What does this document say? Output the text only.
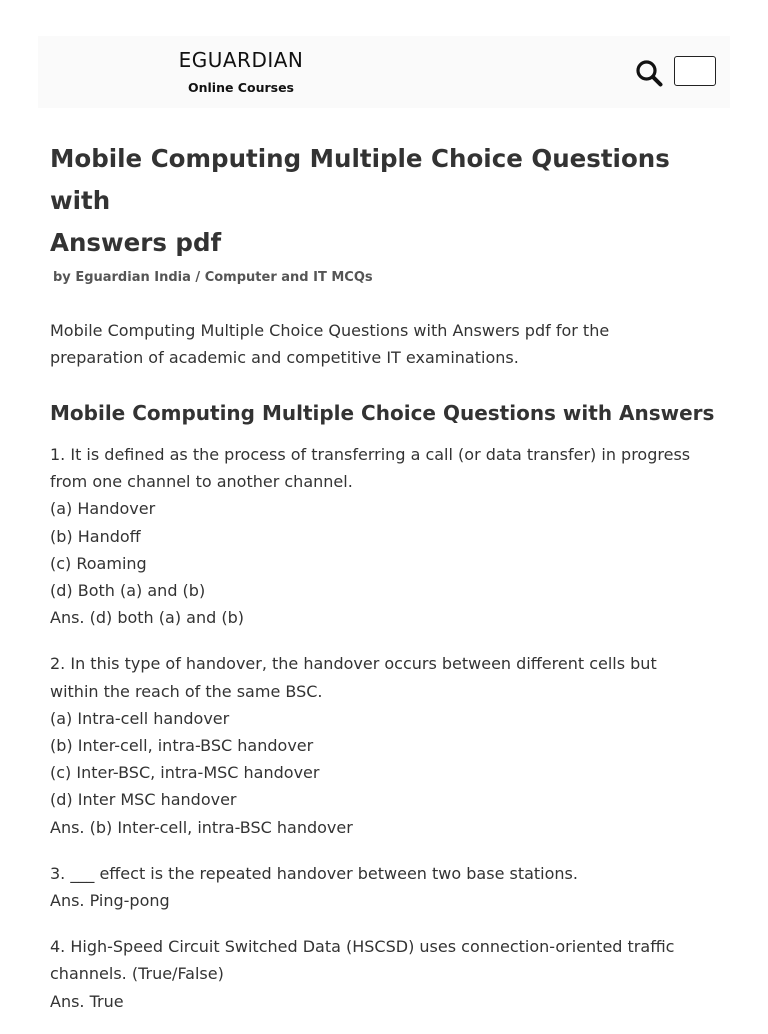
EGUARDIAN
Online Courses
Mobile Computing Multiple Choice Questions with
Answers pdf
by Eguardian India / Computer and IT MCQs
Mobile Computing Multiple Choice Questions with Answers pdf for the
preparation of academic and competitive IT examinations.
Mobile Computing Multiple Choice Questions with Answers
1. It is defined as the process of transferring a call (or data transfer) in progress
from one channel to another channel.
(a) Handover
(b) Handoff
(c) Roaming
(d) Both (a) and (b)
Ans. (d) both (a) and (b)
2. In this type of handover, the handover occurs between different cells but
within the reach of the same BSC.
(a) Intra-cell handover
(b) Inter-cell, intra-BSC handover
(c) Inter-BSC, intra-MSC handover
(d) Inter MSC handover
Ans. (b) Inter-cell, intra-BSC handover
3. ___ effect is the repeated handover between two base stations.
Ans. Ping-pong
4. High-Speed Circuit Switched Data (HSCSD) uses connection-oriented traffic
channels. (True/False)
Ans. True
